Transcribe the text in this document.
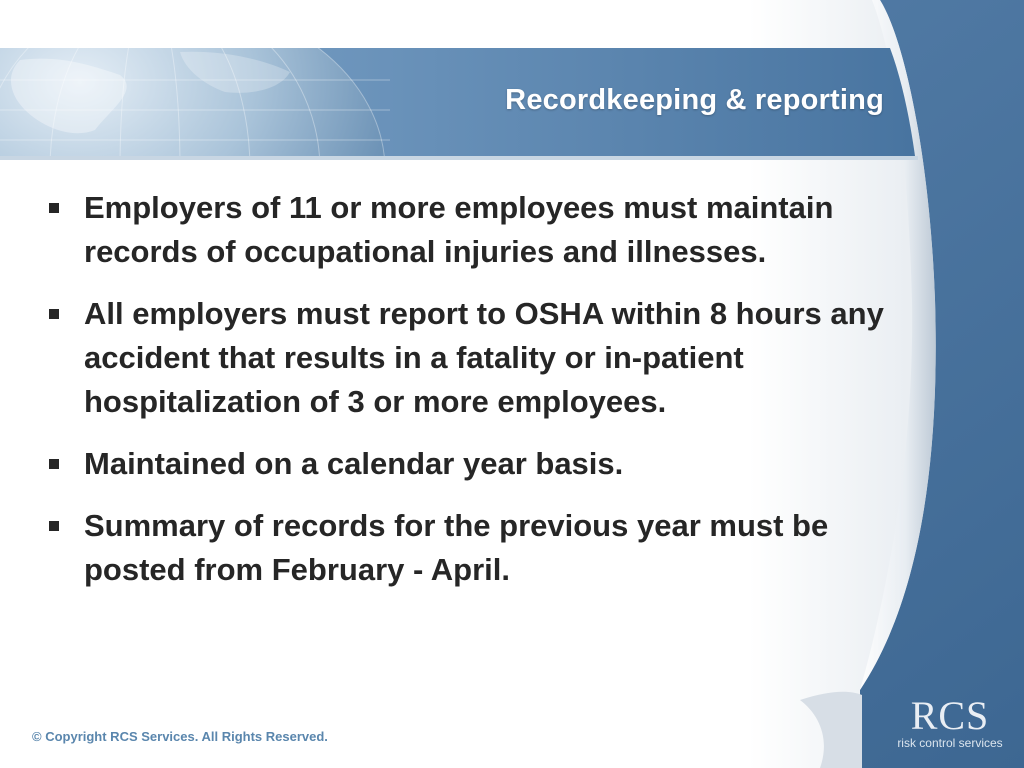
Recordkeeping & reporting
Employers of 11 or more employees must maintain records of occupational injuries and illnesses.
All employers must report to OSHA within 8 hours any accident that results in a fatality or in-patient hospitalization of 3 or more employees.
Maintained on a calendar year basis.
Summary of records for the previous year must be posted from February - April.
© Copyright RCS Services. All Rights Reserved.	RCS
risk control services
